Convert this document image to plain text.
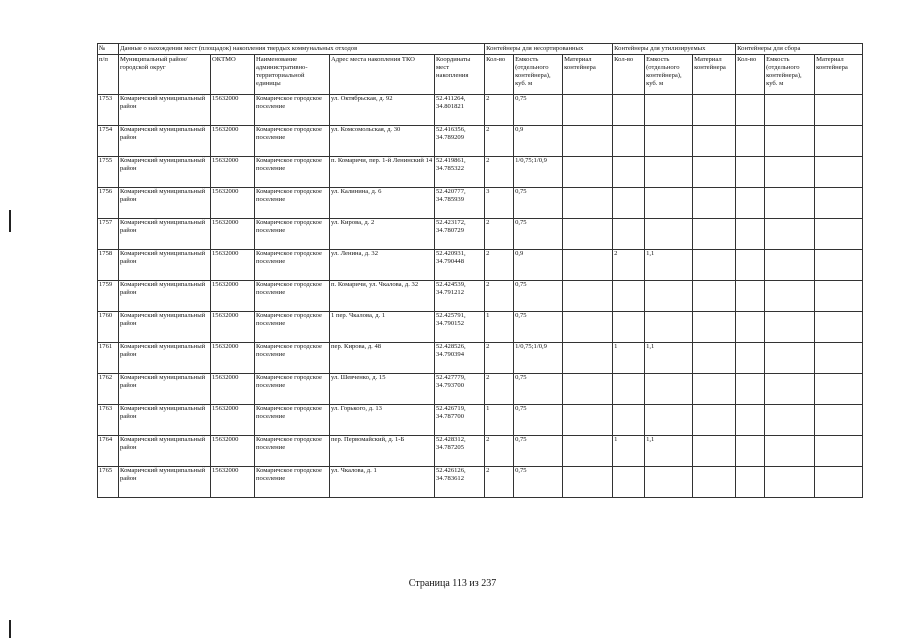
№	Данные о нахождении мест (площадок) накопления твердых коммунальных отходов					Контейнеры для несортированных			Контейнеры для утилизируемых			Контейнеры для сбора		
п/п	Муниципальный район/городской округ	ОКТМО	Наименование административно-территориальной единицы	Адрес места накопления ТКО	Координаты мест накопления	Кол-во	Емкость (отдельного контейнера), куб. м	Материал контейнера	Кол-во	Емкость (отдельного контейнера), куб. м	Материал контейнера	Кол-во	Емкость (отдельного контейнера), куб. м	Материал контейнера
1753	Комаричский муниципальный район	15632000	Комаричское городское поселение	ул. Октябрьская, д. 92	52.411264, 34.801821	2	0,75							
1754	Комаричский муниципальный район	15632000	Комаричское городское поселение	ул. Комсомольская, д. 30	52.416356, 34.789209	2	0,9							
1755	Комаричский муниципальный район	15632000	Комаричское городское поселение	п. Комаричи, пер. 1-й Ленинский 14	52.419861, 34.785322	2	1/0,75;1/0,9							
1756	Комаричский муниципальный район	15632000	Комаричское городское поселение	ул. Калинина, д. 6	52.420777, 34.785939	3	0,75							
1757	Комаричский муниципальный район	15632000	Комаричское городское поселение	ул. Кирова, д. 2	52.423172, 34.780729	2	0,75							
1758	Комаричский муниципальный район	15632000	Комаричское городское поселение	ул. Ленина, д. 32	52.420931, 34.790448	2	0,9		2	1,1				
1759	Комаричский муниципальный район	15632000	Комаричское городское поселение	п. Комаричи, ул. Чкалова, д. 32	52.424539, 34.791212	2	0,75							
1760	Комаричский муниципальный район	15632000	Комаричское городское поселение	1 пер. Чкалова, д. 1	52.425791, 34.790152	1	0,75							
1761	Комаричский муниципальный район	15632000	Комаричское городское поселение	пер. Кирова, д. 48	52.428526, 34.790394	2	1/0,75;1/0,9		1	1,1				
1762	Комаричский муниципальный район	15632000	Комаричское городское поселение	ул. Шевченко, д. 15	52.427779, 34.793700	2	0,75							
1763	Комаричский муниципальный район	15632000	Комаричское городское поселение	ул. Горького, д. 13	52.426719, 34.787700	1	0,75							
1764	Комаричский муниципальный район	15632000	Комаричское городское поселение	пер. Первомайский, д. 1-Б	52.428312, 34.787205	2	0,75		1	1,1				
1765	Комаричский муниципальный район	15632000	Комаричское городское поселение	ул. Чкалова, д. 1	52.426126, 34.783612	2	0,75							
Страница 113 из 237
